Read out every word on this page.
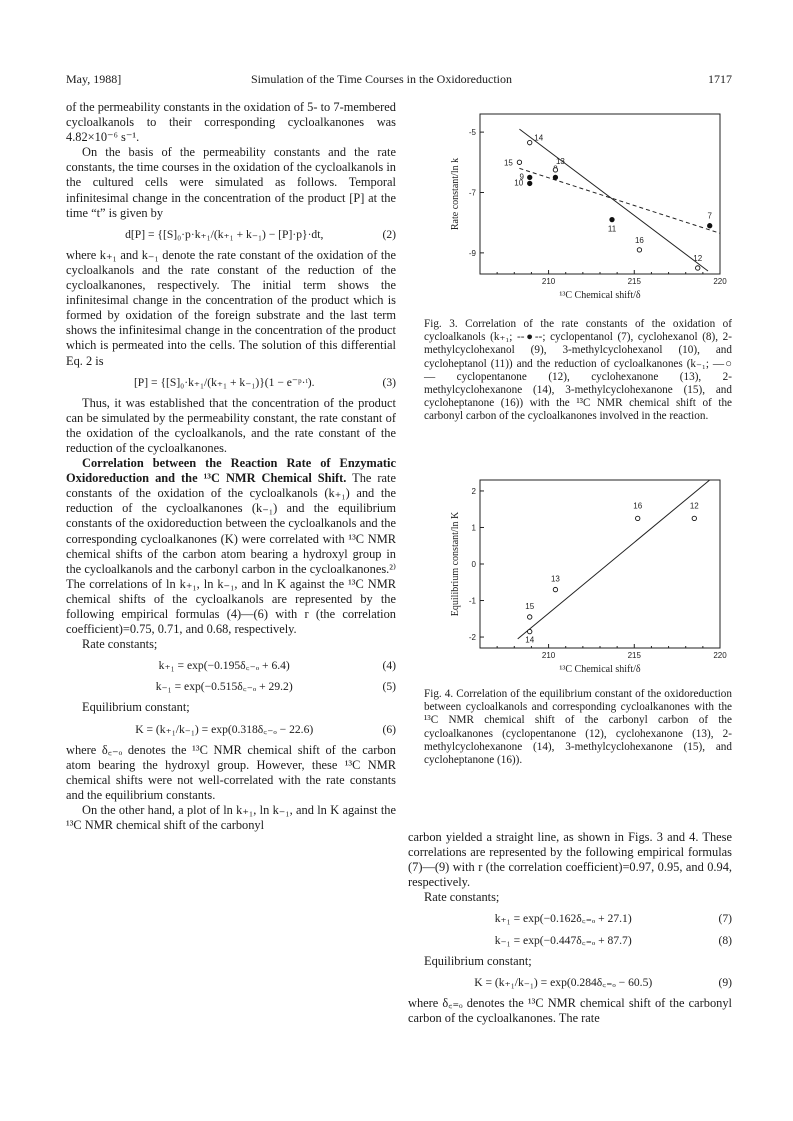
May, 1988]	Simulation of the Time Courses in the Oxidoreduction	1717

of the permeability constants in the oxidation of 5- to 7-membered cycloalkanols to their corresponding cycloalkanones was 4.82×10⁻⁶ s⁻¹.

On the basis of the permeability constants and the rate constants, the time courses in the oxidation of the cycloalkanols in the cultured cells were simulated as follows. Temporal infinitesimal change in the concentration of the product [P] at the time “t” is given by

d[P] = {[S]₀·p·k₊₁/(k₊₁ + k₋₁) − [P]·p}·dt,	(2)

where k₊₁ and k₋₁ denote the rate constant of the oxidation of the cycloalkanols and the rate constant of the reduction of the cycloalkanones, respectively. The initial term shows the infinitesimal change in the concentration of the product which is formed by oxidation of the foreign substrate and the last term shows the infinitesimal change in the concentration of the product which is permeated into the cells. The solution of this differential Eq. 2 is

[P] = {[S]₀·k₊₁/(k₊₁ + k₋₁)}(1 − e⁻ᵖ·ᵗ).	(3)

Thus, it was established that the concentration of the product can be simulated by the permeability constant, the rate constant of the oxidation of the cycloalkanols, and the rate constant of the reduction of the cycloalkanones.

Correlation between the Reaction Rate of Enzymatic Oxidoreduction and the ¹³C NMR Chemical Shift. The rate constants of the oxidation of the cycloalkanols (k₊₁) and the reduction of the cycloalkanones (k₋₁) and the equilibrium constants of the oxidoreduction between the cycloalkanols and the corresponding cycloalkanones (K) were correlated with ¹³C NMR chemical shifts of the carbon atom bearing a hydroxyl group in the cycloalkanols and the carbonyl carbon in the cycloalkanones.²⁾ The correlations of ln k₊₁, ln k₋₁, and ln K against the ¹³C NMR chemical shifts of the cycloalkanols are represented by the following empirical formulas (4)—(6) with r (the correlation coefficient)=0.75, 0.71, and 0.68, respectively.

Rate constants;

k₊₁ = exp(−0.195δ꜀₋ₒ + 6.4)	(4)
k₋₁ = exp(−0.515δ꜀₋ₒ + 29.2)	(5)

Equilibrium constant;

K = (k₊₁/k₋₁) = exp(0.318δ꜀₋ₒ − 22.6)	(6)

where δ꜀₋ₒ denotes the ¹³C NMR chemical shift of the carbon atom bearing the hydroxyl group. However, these ¹³C NMR chemical shifts were not well-correlated with the rate constants and the equilibrium constants.

On the other hand, a plot of ln k₊₁, ln k₋₁, and ln K against the ¹³C NMR chemical shift of the carbonyl

210	215	220
-5
-7
-9
¹³C Chemical shift/δ
Rate constant/ln k	9
10
11
7
14
15	13
16
12
Fig. 3. Correlation of the rate constants of the oxidation of cycloalkanols (k₊₁; --●--; cyclopentanol (7), cyclohexanol (8), 2-methylcyclohexanol (9), 3-methylcyclohexanol (10), and cycloheptanol (11)) and the reduction of cycloalkanones (k₋₁; —○— cyclopentanone (12), cyclohexanone (13), 2-methylcyclohexanone (14), 3-methylcyclohexanone (15), and cycloheptanone (16)) with the ¹³C NMR chemical shift of the carbonyl carbon of the cycloalkanones involved in the reaction.
210	215	220
2
1
0
-1
-2
¹³C Chemical shift/δ
Equilibrium constant/ln K	15
14
13
16	12
Fig. 4. Correlation of the equilibrium constant of the oxidoreduction between cycloalkanols and corresponding cycloalkanones with the ¹³C NMR chemical shift of the carbonyl carbon of the cycloalkanones (cyclopentanone (12), cyclohexanone (13), 2-methylcyclohexanone (14), 3-methylcyclohexanone (15), and cycloheptanone (16)).

carbon yielded a straight line, as shown in Figs. 3 and 4. These correlations are represented by the following empirical formulas (7)—(9) with r (the correlation coefficient)=0.97, 0.95, and 0.94, respectively.

Rate constants;

k₊₁ = exp(−0.162δ꜀₌ₒ + 27.1)	(7)
k₋₁ = exp(−0.447δ꜀₌ₒ + 87.7)	(8)

Equilibrium constant;

K = (k₊₁/k₋₁) = exp(0.284δ꜀₌ₒ − 60.5)	(9)

where δ꜀₌ₒ denotes the ¹³C NMR chemical shift of the carbonyl carbon of the cycloalkanones. The rate
